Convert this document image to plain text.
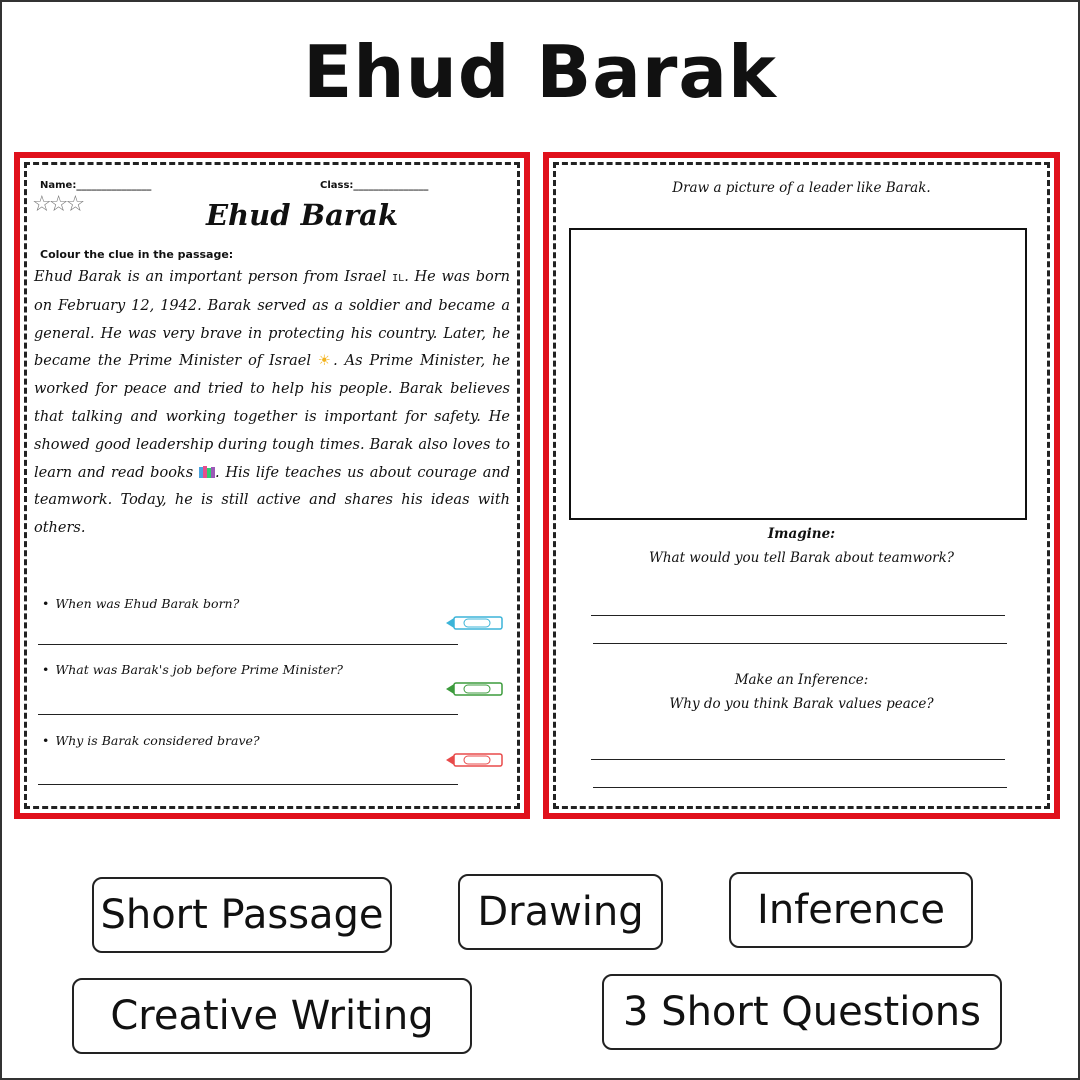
Ehud Barak
Name:_______________	Class:_______________
☆☆☆	Ehud Barak
Colour the clue in the passage:

Ehud Barak is an important person from Israel IL. He was born on February 12, 1942. Barak served as a soldier and became a general. He was very brave in protecting his country. Later, he became the Prime Minister of Israel ☀. As Prime Minister, he worked for peace and tried to help his people. Barak believes that talking and working together is important for safety. He showed good leadership during tough times. Barak also loves to learn and read books . His life teaches us about courage and teamwork. Today, he is still active and shares his ideas with others.

• When was Ehud Barak born?
• What was Barak's job before Prime Minister?
• Why is Barak considered brave?
Draw a picture of a leader like Barak.
Imagine:
What would you tell Barak about teamwork?
Make an Inference:
Why do you think Barak values peace?
Short Passage Drawing	Inference
Creative Writing	3 Short Questions
